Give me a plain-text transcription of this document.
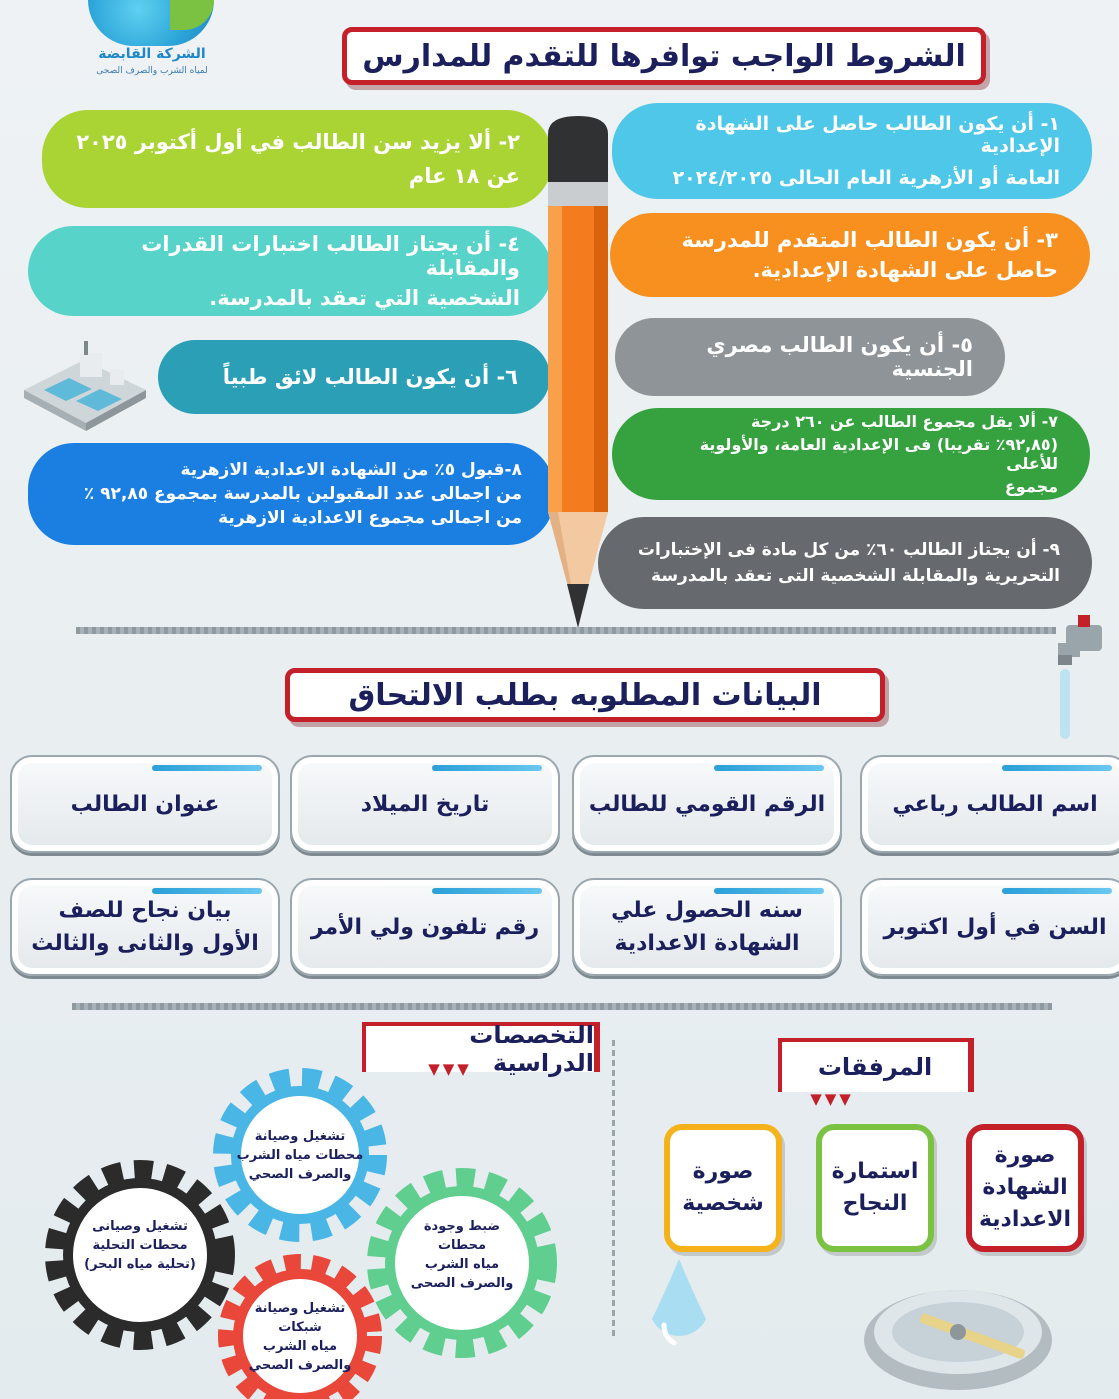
الشركة القابضة
لمياه الشرب والصرف الصحى	الشروط الواجب توافرها للتقدم للمدارس
١- أن يكون الطالب حاصل على الشهادة الإعدادية
العامة أو الأزهرية العام الحالى ٢٠٢٤/٢٠٢٥
٢- ألا يزيد سن الطالب في أول أكتوبر ٢٠٢٥
عن ١٨ عام
٣- أن يكون الطالب المتقدم للمدرسة
حاصل على الشهادة الإعدادية.
٤- أن يجتاز الطالب اختبارات القدرات والمقابلة
الشخصية التي تعقد بالمدرسة.
٥- أن يكون الطالب مصري الجنسية
٦- أن يكون الطالب لائق طبياً
٧- ألا يقل مجموع الطالب عن ٢٦٠ درجة
(٩٢,٨٥٪ تقريبا) فى الإعدادية العامة، والأولوية للأعلى
مجموع
٨-قبول ٥٪ من الشهادة الاعدادية الازهرية
من اجمالى عدد المقبولين بالمدرسة بمجموع ٩٢,٨٥ ٪
من اجمالى مجموع الاعدادية الازهرية
٩- أن يجتاز الطالب ٦٠٪ من كل مادة فى الإختبارات
التحريرية والمقابلة الشخصية التى تعقد بالمدرسة
البيانات المطلوبه بطلب الالتحاق
اسم الطالب رباعي
الرقم القومي للطالب
تاريخ الميلاد
عنوان الطالب
السن في أول اكتوبر
سنه الحصول علي
الشهادة الاعدادية
رقم تلفون ولي الأمر
بيان نجاح للصف
الأول والثانى والثالث
التخصصات الدراسية
▼▼▼	المرفقات
▼▼▼
صورة
الشهادة
الاعدادية
استمارة
النجاح
صورة
شخصية
تشغيل وصيانة
محطات مياه الشرب
والصرف الصحي
تشغيل وصيانى
محطات التحلية
(تحلية مياه البحر)
ضبط وجودة
محطات
مياه الشرب
والصرف الصحى
تشغيل وصيانة
شبكات
مياه الشرب
والصرف الصحي
